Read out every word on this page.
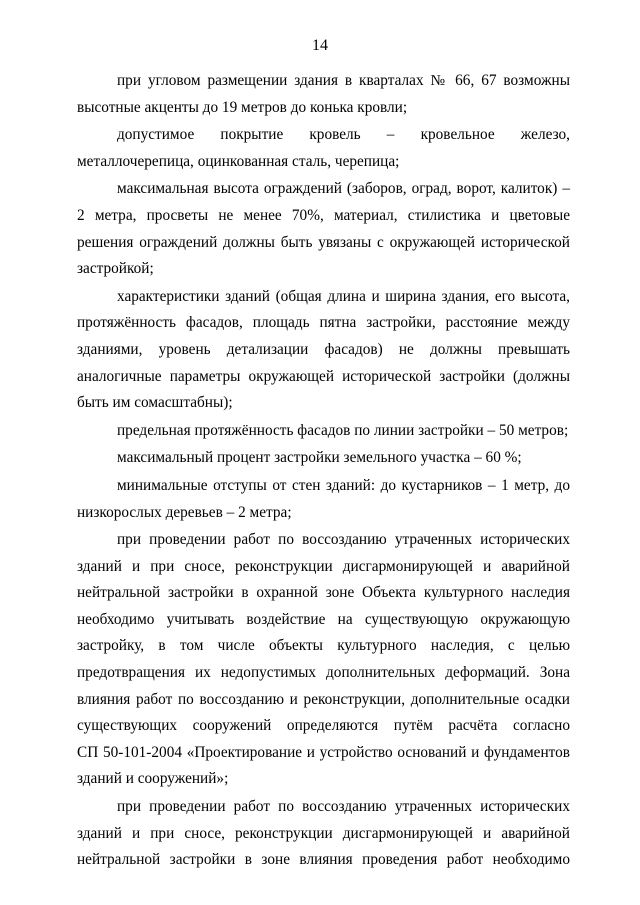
14
при угловом размещении здания в кварталах № 66, 67 возможны
высотные акценты до 19 метров до конька кровли;
допустимое покрытие кровель – кровельное железо,
металлочерепица, оцинкованная сталь, черепица;
максимальная высота ограждений (заборов, оград, ворот, калиток) –
2 метра, просветы не менее 70%, материал, стилистика и цветовые
решения ограждений должны быть увязаны с окружающей исторической
застройкой;
характеристики зданий (общая длина и ширина здания, его высота,
протяжённость фасадов, площадь пятна застройки, расстояние между
зданиями, уровень детализации фасадов) не должны превышать
аналогичные параметры окружающей исторической застройки (должны
быть им сомасштабны);
предельная протяжённость фасадов по линии застройки – 50 метров;
максимальный процент застройки земельного участка – 60 %;
минимальные отступы от стен зданий: до кустарников – 1 метр, до
низкорослых деревьев – 2 метра;
при проведении работ по воссозданию утраченных исторических
зданий и при сносе, реконструкции дисгармонирующей и аварийной
нейтральной застройки в охранной зоне Объекта культурного наследия
необходимо учитывать воздействие на существующую окружающую
застройку, в том числе объекты культурного наследия, с целью
предотвращения их недопустимых дополнительных деформаций. Зона
влияния работ по воссозданию и реконструкции, дополнительные осадки
существующих сооружений определяются путём расчёта согласно
СП 50-101-2004 «Проектирование и устройство оснований и фундаментов
зданий и сооружений»;
при проведении работ по воссозданию утраченных исторических
зданий и при сносе, реконструкции дисгармонирующей и аварийной
нейтральной застройки в зоне влияния проведения работ необходимо
